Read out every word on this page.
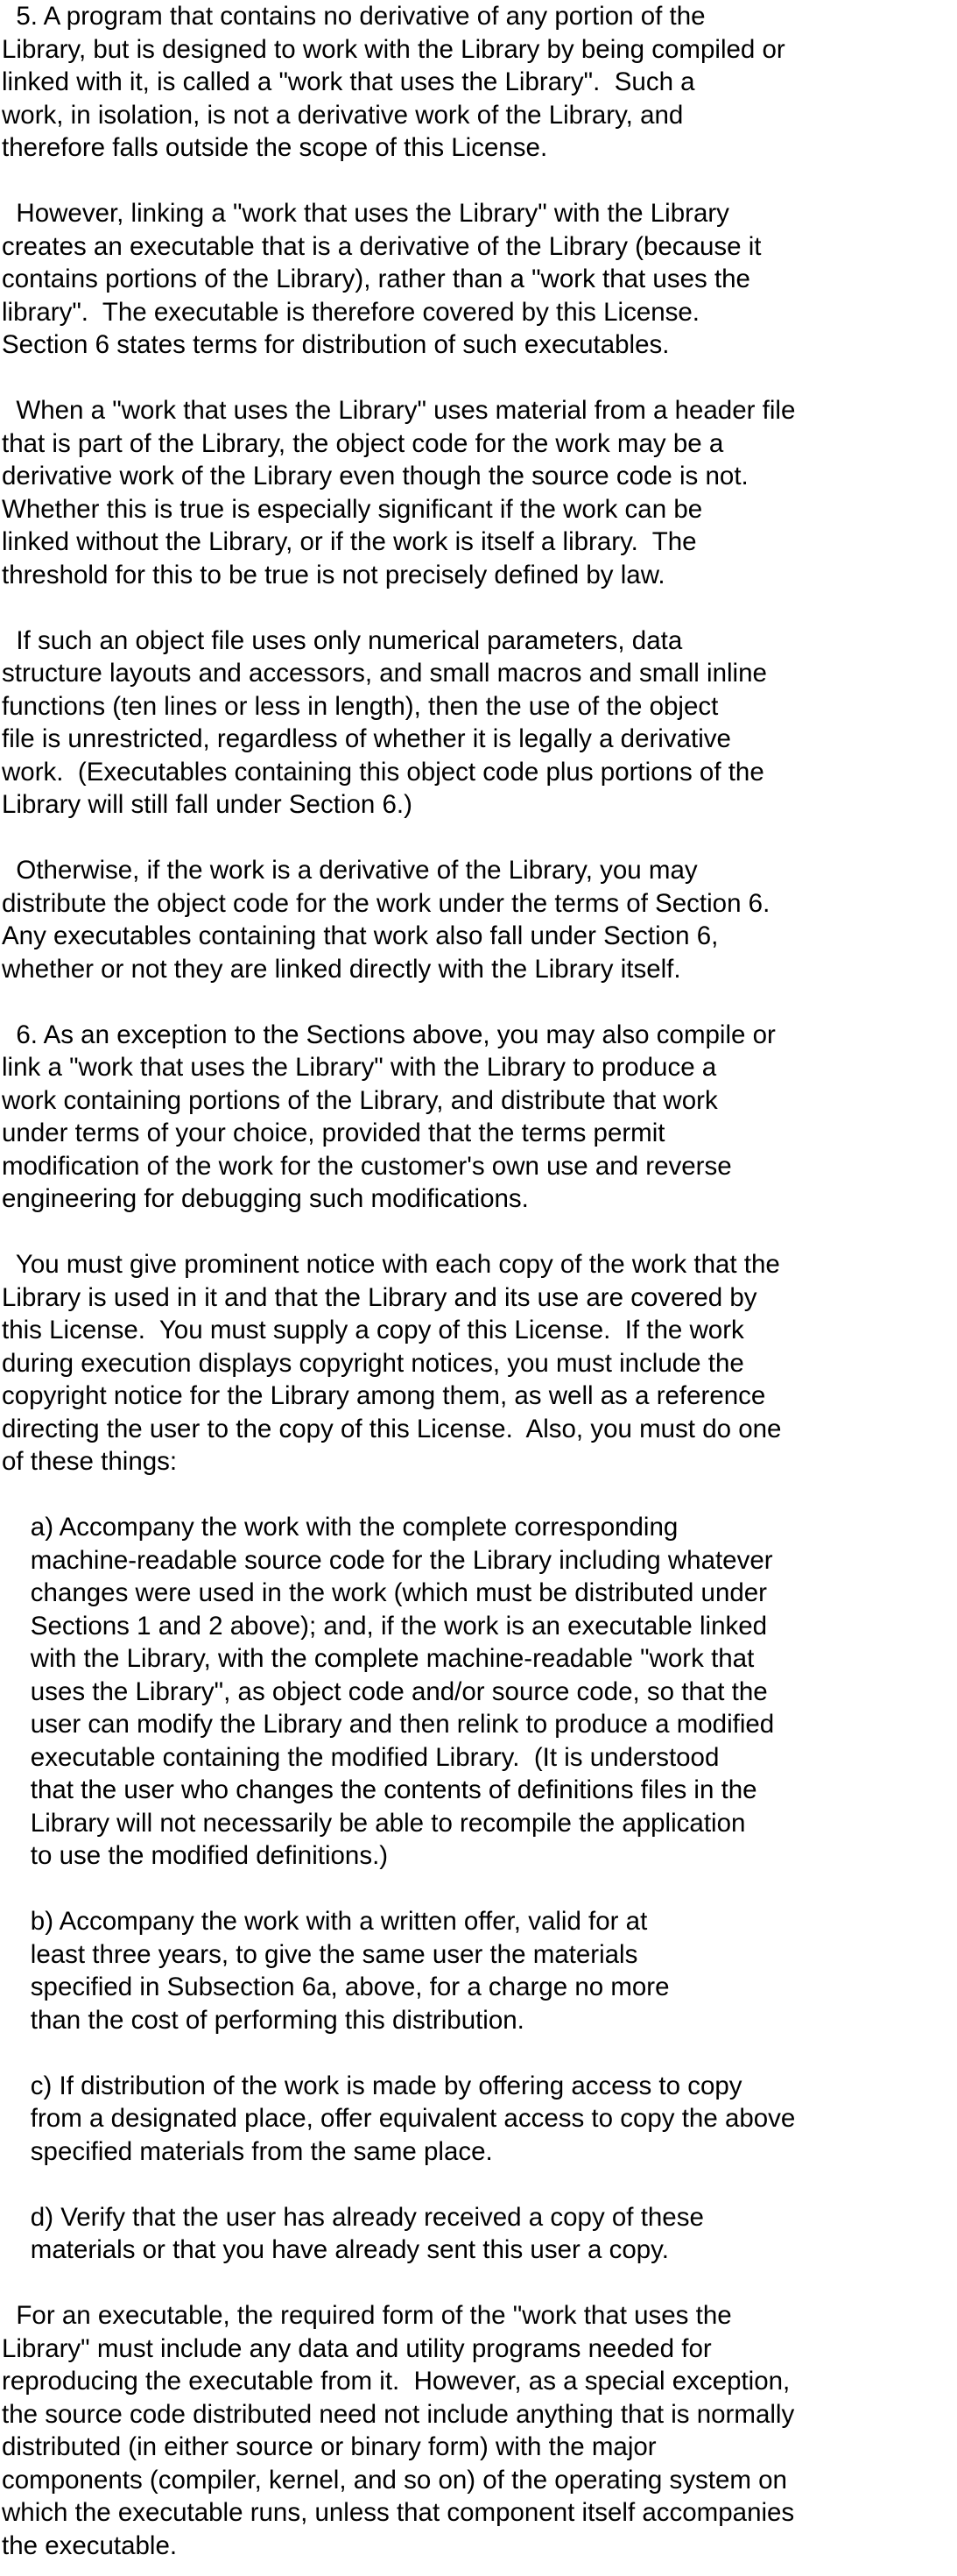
5. A program that contains no derivative of any portion of the
Library, but is designed to work with the Library by being compiled or
linked with it, is called a "work that uses the Library".  Such a
work, in isolation, is not a derivative work of the Library, and
therefore falls outside the scope of this License.
However, linking a "work that uses the Library" with the Library
creates an executable that is a derivative of the Library (because it
contains portions of the Library), rather than a "work that uses the
library".  The executable is therefore covered by this License.
Section 6 states terms for distribution of such executables.
When a "work that uses the Library" uses material from a header file
that is part of the Library, the object code for the work may be a
derivative work of the Library even though the source code is not.
Whether this is true is especially significant if the work can be
linked without the Library, or if the work is itself a library.  The
threshold for this to be true is not precisely defined by law.
If such an object file uses only numerical parameters, data
structure layouts and accessors, and small macros and small inline
functions (ten lines or less in length), then the use of the object
file is unrestricted, regardless of whether it is legally a derivative
work.  (Executables containing this object code plus portions of the
Library will still fall under Section 6.)
Otherwise, if the work is a derivative of the Library, you may
distribute the object code for the work under the terms of Section 6.
Any executables containing that work also fall under Section 6,
whether or not they are linked directly with the Library itself.
6. As an exception to the Sections above, you may also compile or
link a "work that uses the Library" with the Library to produce a
work containing portions of the Library, and distribute that work
under terms of your choice, provided that the terms permit
modification of the work for the customer's own use and reverse
engineering for debugging such modifications.
You must give prominent notice with each copy of the work that the
Library is used in it and that the Library and its use are covered by
this License.  You must supply a copy of this License.  If the work
during execution displays copyright notices, you must include the
copyright notice for the Library among them, as well as a reference
directing the user to the copy of this License.  Also, you must do one
of these things:
a) Accompany the work with the complete corresponding
machine-readable source code for the Library including whatever
changes were used in the work (which must be distributed under
Sections 1 and 2 above); and, if the work is an executable linked
with the Library, with the complete machine-readable "work that
uses the Library", as object code and/or source code, so that the
user can modify the Library and then relink to produce a modified
executable containing the modified Library.  (It is understood
that the user who changes the contents of definitions files in the
Library will not necessarily be able to recompile the application
to use the modified definitions.)
b) Accompany the work with a written offer, valid for at
least three years, to give the same user the materials
specified in Subsection 6a, above, for a charge no more
than the cost of performing this distribution.
c) If distribution of the work is made by offering access to copy
from a designated place, offer equivalent access to copy the above
specified materials from the same place.
d) Verify that the user has already received a copy of these
materials or that you have already sent this user a copy.
For an executable, the required form of the "work that uses the
Library" must include any data and utility programs needed for
reproducing the executable from it.  However, as a special exception,
the source code distributed need not include anything that is normally
distributed (in either source or binary form) with the major
components (compiler, kernel, and so on) of the operating system on
which the executable runs, unless that component itself accompanies
the executable.
